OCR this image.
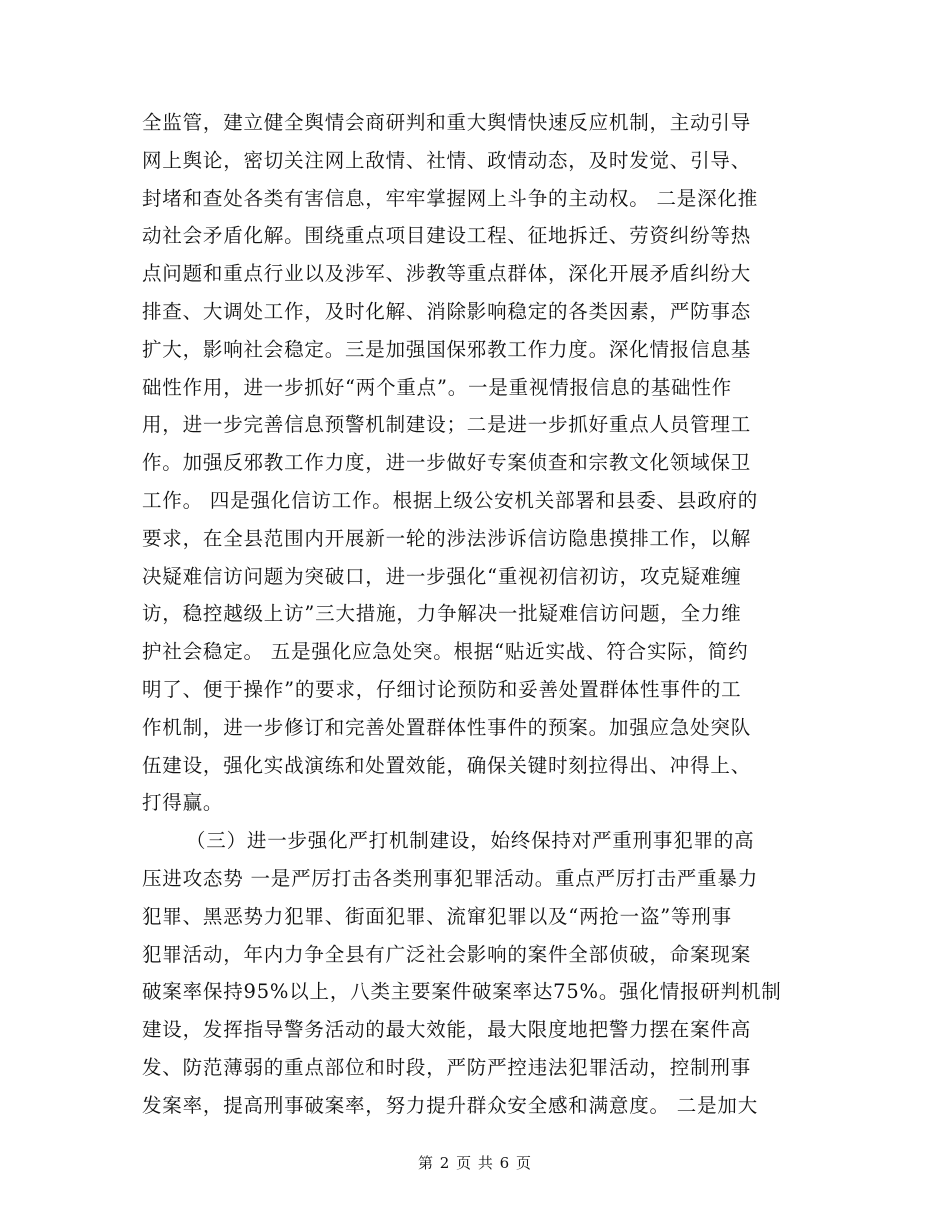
全监管，建立健全舆情会商研判和重大舆情快速反应机制，主动引导
网上舆论，密切关注网上敌情、社情、政情动态，及时发觉、引导、
封堵和查处各类有害信息，牢牢掌握网上斗争的主动权。 二是深化推
动社会矛盾化解。围绕重点项目建设工程、征地拆迁、劳资纠纷等热
点问题和重点行业以及涉军、涉教等重点群体，深化开展矛盾纠纷大
排查、大调处工作，及时化解、消除影响稳定的各类因素，严防事态
扩大，影响社会稳定。三是加强国保邪教工作力度。深化情报信息基
础性作用，进一步抓好“两个重点”。一是重视情报信息的基础性作
用，进一步完善信息预警机制建设；二是进一步抓好重点人员管理工
作。加强反邪教工作力度，进一步做好专案侦查和宗教文化领域保卫
工作。 四是强化信访工作。根据上级公安机关部署和县委、县政府的
要求，在全县范围内开展新一轮的涉法涉诉信访隐患摸排工作，以解
决疑难信访问题为突破口，进一步强化“重视初信初访，攻克疑难缠
访，稳控越级上访”三大措施，力争解决一批疑难信访问题，全力维
护社会稳定。 五是强化应急处突。根据“贴近实战、符合实际，简约
明了、便于操作”的要求，仔细讨论预防和妥善处置群体性事件的工
作机制，进一步修订和完善处置群体性事件的预案。加强应急处突队
伍建设，强化实战演练和处置效能，确保关键时刻拉得出、冲得上、
打得赢。
（三）进一步强化严打机制建设，始终保持对严重刑事犯罪的高
压进攻态势 一是严厉打击各类刑事犯罪活动。重点严厉打击严重暴力
犯罪、黑恶势力犯罪、街面犯罪、流窜犯罪以及“两抢一盗”等刑事
犯罪活动，年内力争全县有广泛社会影响的案件全部侦破，命案现案
破案率保持95%以上，八类主要案件破案率达75%。强化情报研判机制
建设，发挥指导警务活动的最大效能，最大限度地把警力摆在案件高
发、防范薄弱的重点部位和时段，严防严控违法犯罪活动，控制刑事
发案率，提高刑事破案率，努力提升群众安全感和满意度。 二是加大
第 2 页 共 6 页
